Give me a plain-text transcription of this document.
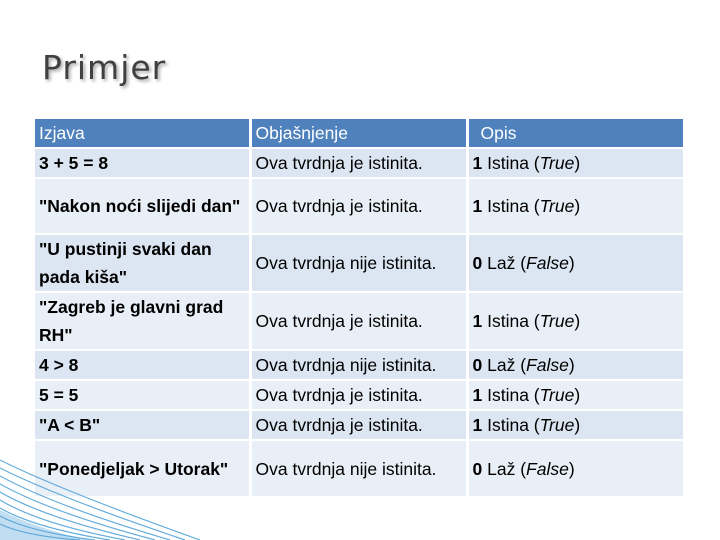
Primjer
Izjava	Objašnjenje	Opis
3 + 5 = 8	Ova tvrdnja je istinita.	1 Istina (True)
"Nakon noći slijedi dan"	Ova tvrdnja je istinita.	1 Istina (True)
"U pustinji svaki dan pada kiša"	Ova tvrdnja nije istinita.	0 Laž (False)
"Zagreb je glavni grad RH"	Ova tvrdnja je istinita.	1 Istina (True)
4 > 8	Ova tvrdnja nije istinita.	0 Laž (False)
5 = 5	Ova tvrdnja je istinita.	1 Istina (True)
"A < B"	Ova tvrdnja je istinita.	1 Istina (True)
"Ponedjeljak > Utorak"	Ova tvrdnja nije istinita.	0 Laž (False)
